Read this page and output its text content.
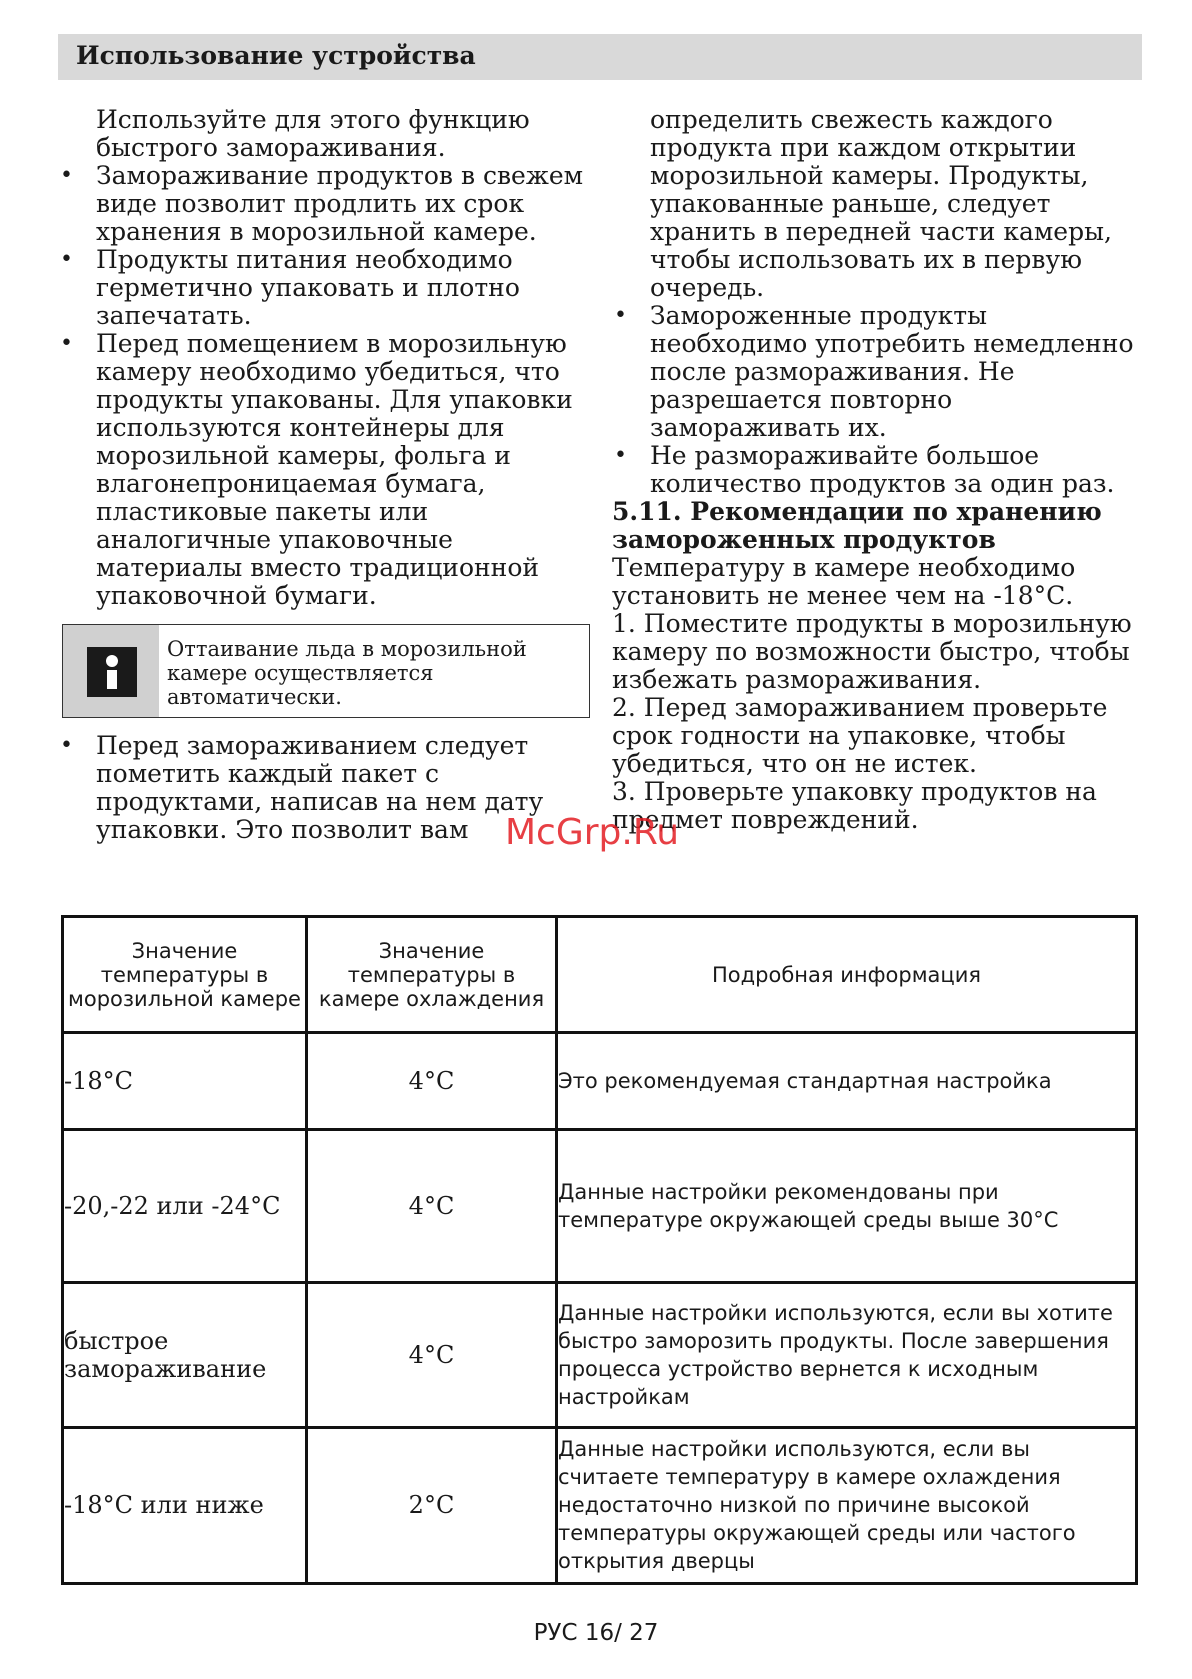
Использование устройства

Используйте для этого функцию быстрого замораживания.

• Замораживание продуктов в свежем виде позволит продлить их срок хранения в морозильной камере.
• Продукты питания необходимо герметично упаковать и плотно запечатать.
• Перед помещением в морозильную камеру необходимо убедиться, что продукты упакованы. Для упаковки используются контейнеры для морозильной камеры, фольга и влагонепроницаемая бумага, пластиковые пакеты или аналогичные упаковочные материалы вместо традиционной упаковочной бумаги.
Оттаивание льда в морозильной камере осуществляется автоматически.
• Перед замораживанием следует пометить каждый пакет с продуктами, написав на нем дату упаковки. Это позволит вам

определить свежесть каждого продукта при каждом открытии морозильной камеры. Продукты, упакованные раньше, следует хранить в передней части камеры, чтобы использовать их в первую очередь.

• Замороженные продукты необходимо употребить немедленно после размораживания. Не разрешается повторно замораживать их.
• Не размораживайте большое количество продуктов за один раз.

5.11. Рекомендации по хранению замороженных продуктов

Температуру в камере необходимо установить не менее чем на -18°С.

1. Поместите продукты в морозильную камеру по возможности быстро, чтобы избежать размораживания.

2. Перед замораживанием проверьте срок годности на упаковке, чтобы убедиться, что он не истек.

3. Проверьте упаковку продуктов на предмет повреждений.

McGrp.Ru
Значение температуры в морозильной камере	Значение температуры в камере охлаждения	Подробная информация
-18°С	4°С	Это рекомендуемая стандартная настройка
-20,-22 или -24°С	4°С	Данные настройки рекомендованы при температуре окружающей среды выше 30°С
быстрое замораживание	4°С	Данные настройки используются, если вы хотите быстро заморозить продукты. После завершения процесса устройство вернется к исходным настройкам
-18°С или ниже	2°С	Данные настройки используются, если вы считаете температуру в камере охлаждения недостаточно низкой по причине высокой температуры окружающей среды или частого открытия дверцы
РУС 16/ 27
